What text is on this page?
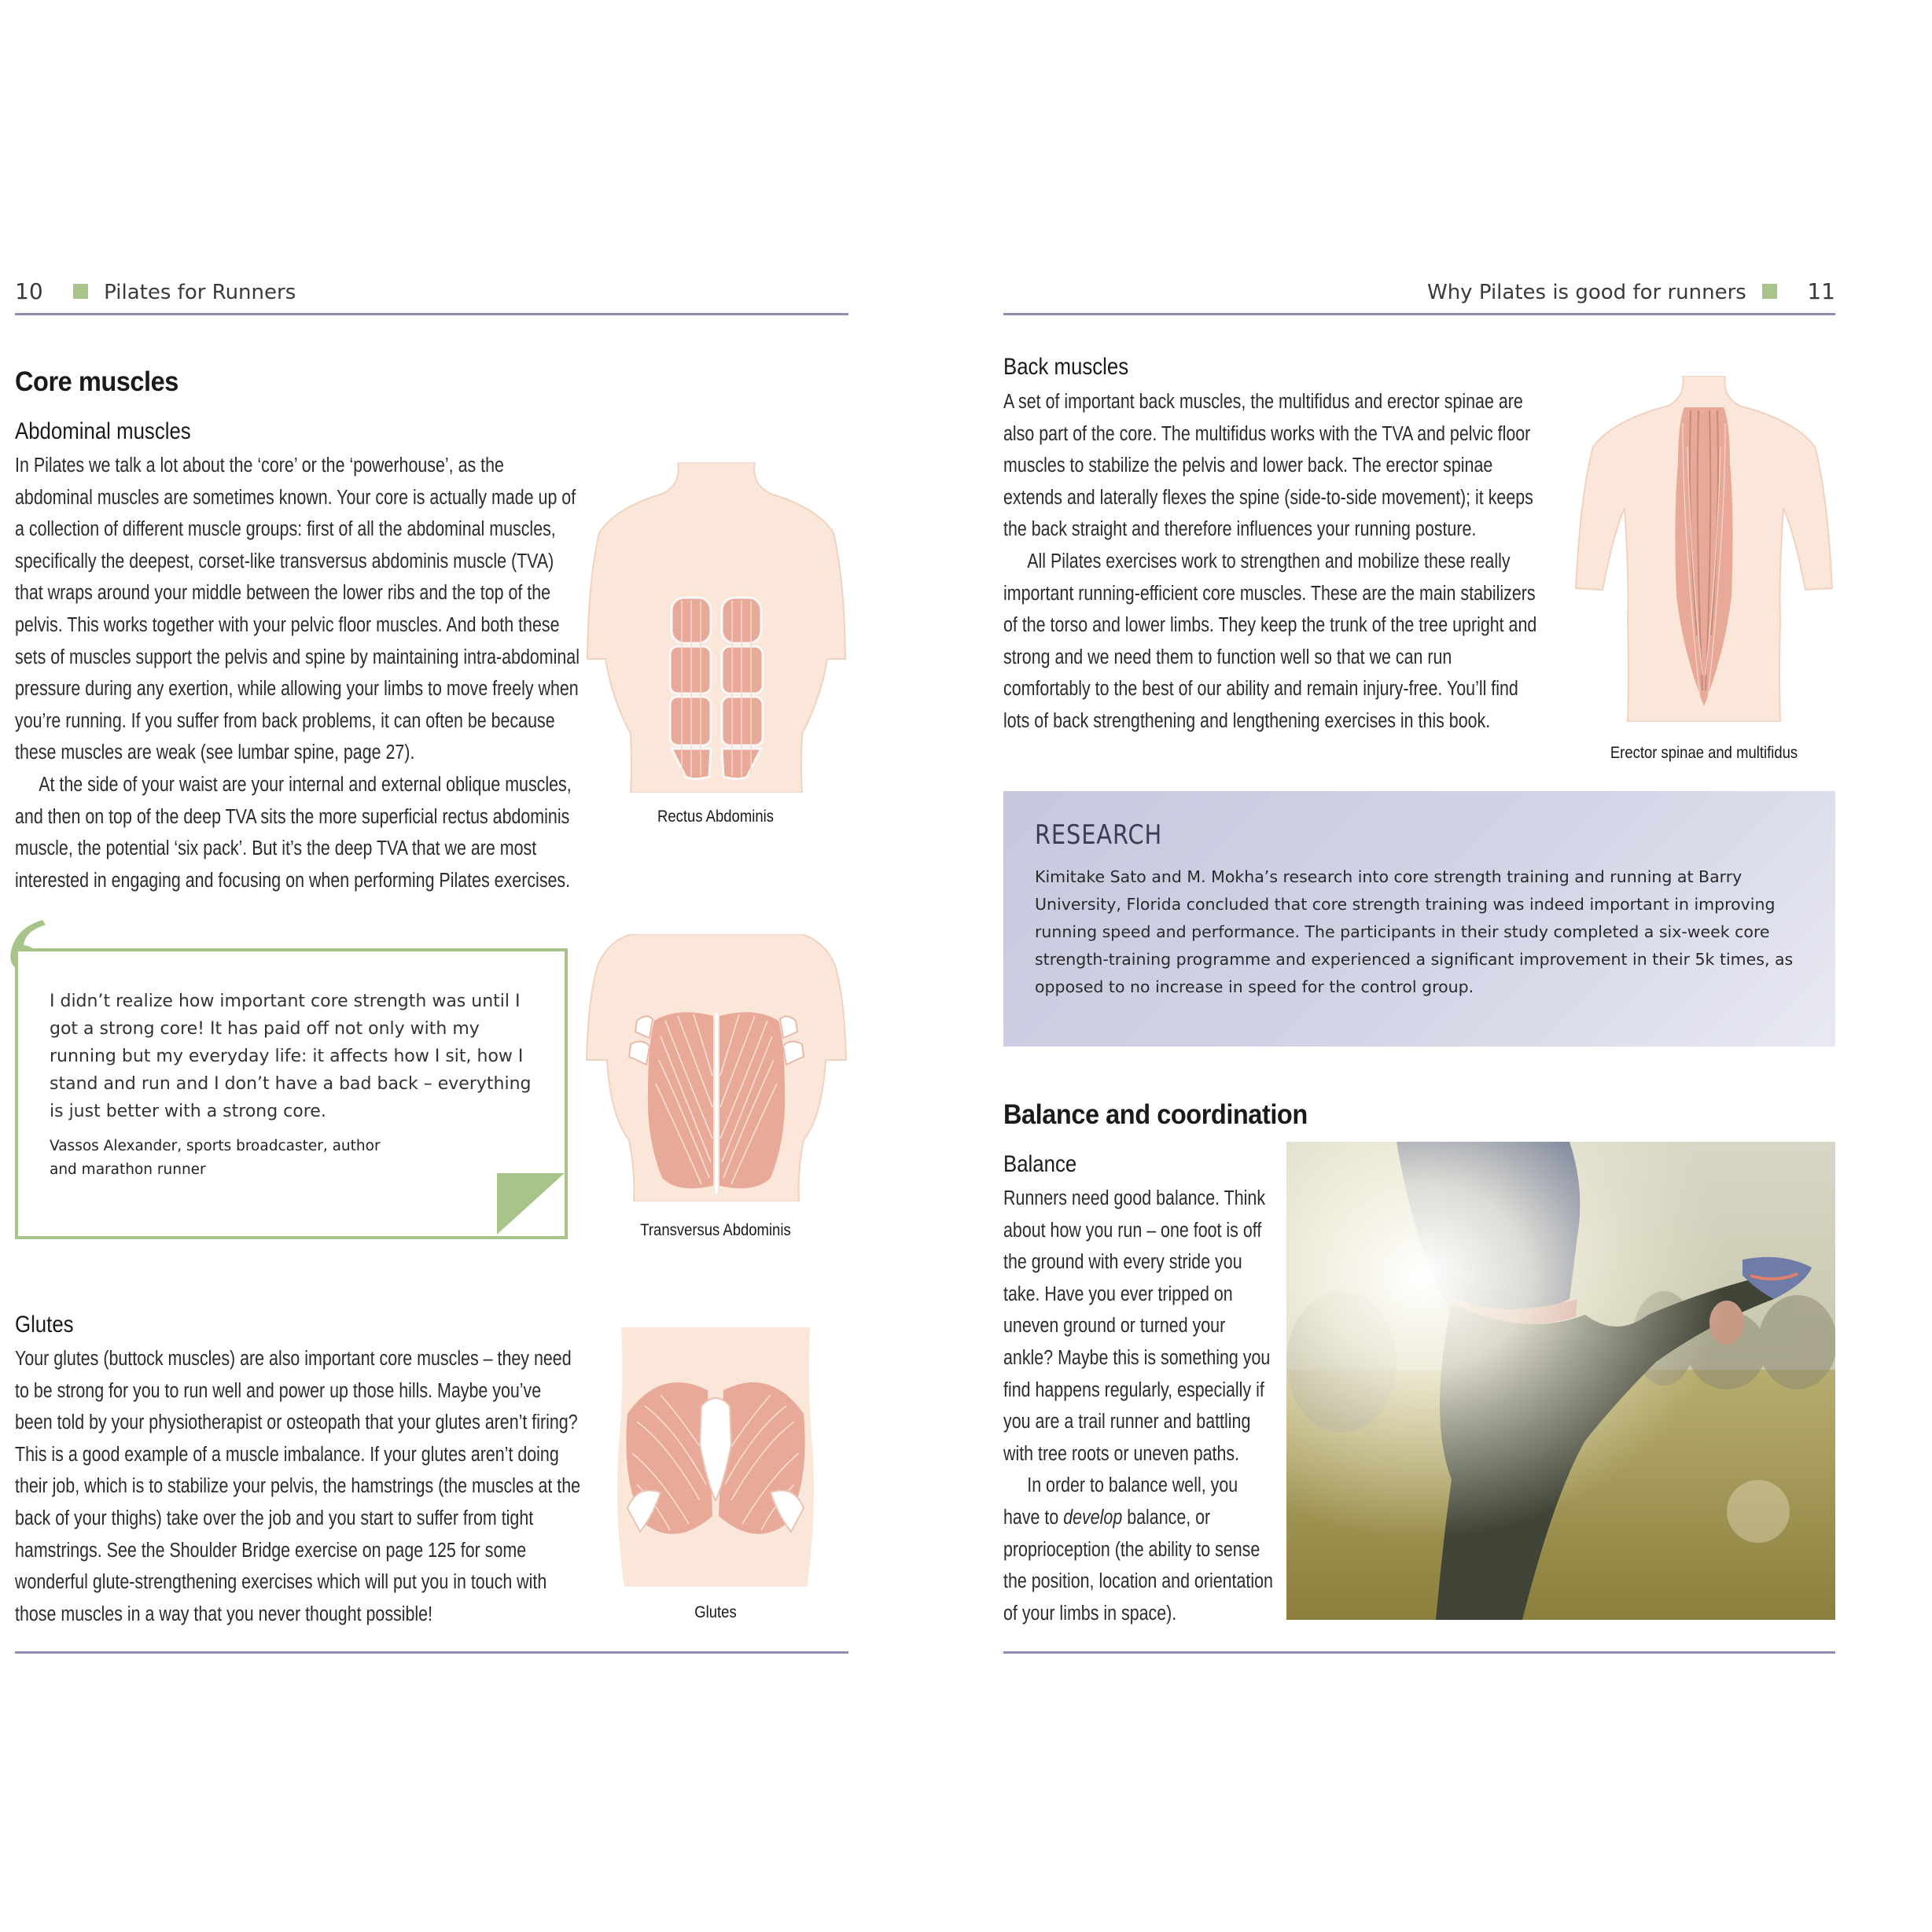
10	Pilates for Runners
Core muscles
Abdominal muscles

In Pilates we talk a lot about the ‘core’ or the ‘powerhouse’, as the abdominal muscles are sometimes known. Your core is actually made up of a collection of different muscle groups: first of all the abdominal muscles, specifically the deepest, corset-like transversus abdominis muscle (TVA) that wraps around your middle between the lower ribs and the top of the pelvis. This works together with your pelvic floor muscles. And both these sets of muscles support the pelvis and spine by maintaining intra-abdominal pressure during any exertion, while allowing your limbs to move freely when you’re running. If you suffer from back problems, it can often be because these muscles are weak (see lumbar spine, page 27).

At the side of your waist are your internal and external oblique muscles, and then on top of the deep TVA sits the more superficial rectus abdominis muscle, the potential ‘six pack’. But it’s the deep TVA that we are most interested in engaging and focusing on when performing Pilates exercises.

Rectus Abdominis
I didn’t realize how important core strength was until I got a strong core! It has paid off not only with my running but my everyday life: it affects how I sit, how I stand and run and I don’t have a bad back – everything is just better with a strong core.
Vassos Alexander, sports broadcaster, author
and marathon runner
Transversus Abdominis
Glutes

Your glutes (buttock muscles) are also important core muscles – they need to be strong for you to run well and power up those hills. Maybe you’ve been told by your physiotherapist or osteopath that your glutes aren’t firing? This is a good example of a muscle imbalance. If your glutes aren’t doing their job, which is to stabilize your pelvis, the hamstrings (the muscles at the back of your thighs) take over the job and you start to suffer from tight hamstrings. See the Shoulder Bridge exercise on page 125 for some wonderful glute-strengthening exercises which will put you in touch with those muscles in a way that you never thought possible!	Glutes
Why Pilates is good for runners	11
Back muscles

A set of important back muscles, the multifidus and erector spinae are also part of the core. The multifidus works with the TVA and pelvic floor muscles to stabilize the pelvis and lower back. The erector spinae extends and laterally flexes the spine (side-to-side movement); it keeps the back straight and therefore influences your running posture.

All Pilates exercises work to strengthen and mobilize these really important running-efficient core muscles. These are the main stabilizers of the torso and lower limbs. They keep the trunk of the tree upright and strong and we need them to function well so that we can run comfortably to the best of our ability and remain injury-free. You’ll find lots of back strengthening and lengthening exercises in this book.

Erector spinae and multifidus
RESEARCH
Kimitake Sato and M. Mokha’s research into core strength training and running at Barry University, Florida concluded that core strength training was indeed important in improving running speed and performance. The participants in their study completed a six-week core strength-training programme and experienced a significant improvement in their 5k times, as opposed to no increase in speed for the control group.
Balance and coordination
Balance

Runners need good balance. Think about how you run – one foot is off the ground with every stride you take. Have you ever tripped on uneven ground or turned your ankle? Maybe this is something you find happens regularly, especially if you are a trail runner and battling with tree roots or uneven paths.

In order to balance well, you have to develop balance, or proprioception (the ability to sense the position, location and orientation of your limbs in space).
